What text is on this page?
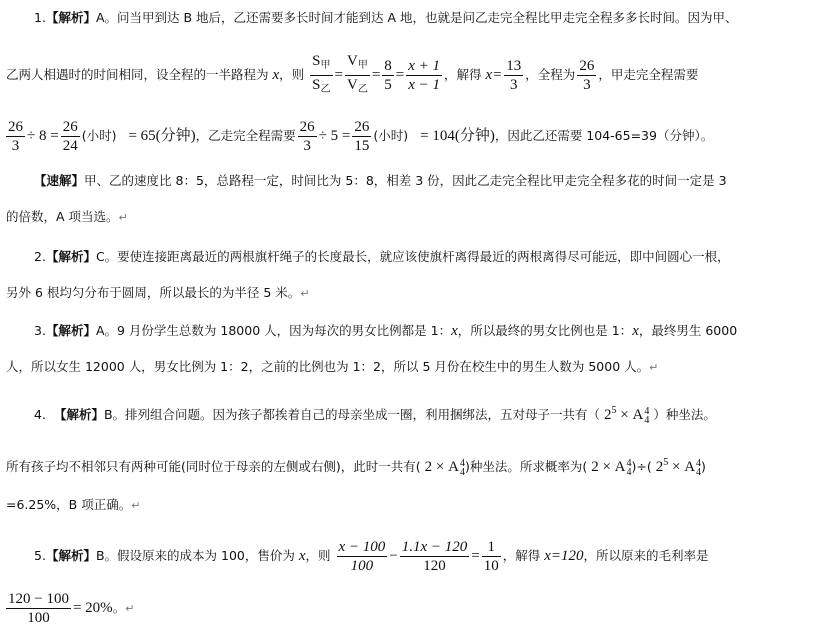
1.【解析】A。问当甲到达 B 地后，乙还需要多长时间才能到达 A 地，也就是问乙走完全程比甲走完全程多多长时间。因为甲、
乙两人相遇时的时间相同，设全程的一半路程为 x，则 $\frac{S_甲}{S_乙} = \frac{V_甲}{V_乙} = \frac{8}{5} = \frac{x + 1}{x - 1}$ ，解得 $x= \frac{13}{3}$ ，全程为 $\frac{26}{3}$ ，甲走完全程需要
$\frac{26}{3} \div 8 = \frac{26}{24}$ (小时) = 65(分钟)，乙走完全程需要 $\frac{26}{3} \div 5 = \frac{26}{15}$ (小时) = 104(分钟)，因此乙还需要 104-65=39（分钟）。
【速解】甲、乙的速度比 8：5，总路程一定，时间比为 5：8，相差 3 份，因此乙走完全程比甲走完全程多花的时间一定是 3
的倍数，A 项当选。↵
2.【解析】C。要使连接距离最近的两根旗杆绳子的长度最长，就应该使旗杆离得最近的两根离得尽可能远，即中间圆心一根，
另外 6 根均匀分布于圆周，所以最长的为半径 5 米。↵
3.【解析】A。9 月份学生总数为 18000 人，因为每次的男女比例都是 1：x，所以最终的男女比例也是 1：x，最终男生 6000
人，所以女生 12000 人，男女比例为 1：2，之前的比例也为 1：2，所以 5 月份在校生中的男生人数为 5000 人。↵
4. 【解析】B。排列组合问题。因为孩子都挨着自己的母亲坐成一圈，利用捆绑法，五对母子一共有（ $2^5 \times A$ 4
4 ）种坐法。
所有孩子均不相邻只有两种可能(同时位于母亲的左侧或右侧)，此时一共有( 2 × A 4
4 )种坐法。所求概率为( 2 × A 4
4 )÷( $2^5 \times A$ 4
4 )
=6.25%，B 项正确。↵
5.【解析】B。假设原来的成本为 100，售价为 x，则 $\frac{x - 100}{100} - \frac{1.1x - 120}{120} = \frac{1}{10}$ ，解得 x=120，所以原来的毛利率是
$\frac{120 - 100}{100} = 20\%$。↵
